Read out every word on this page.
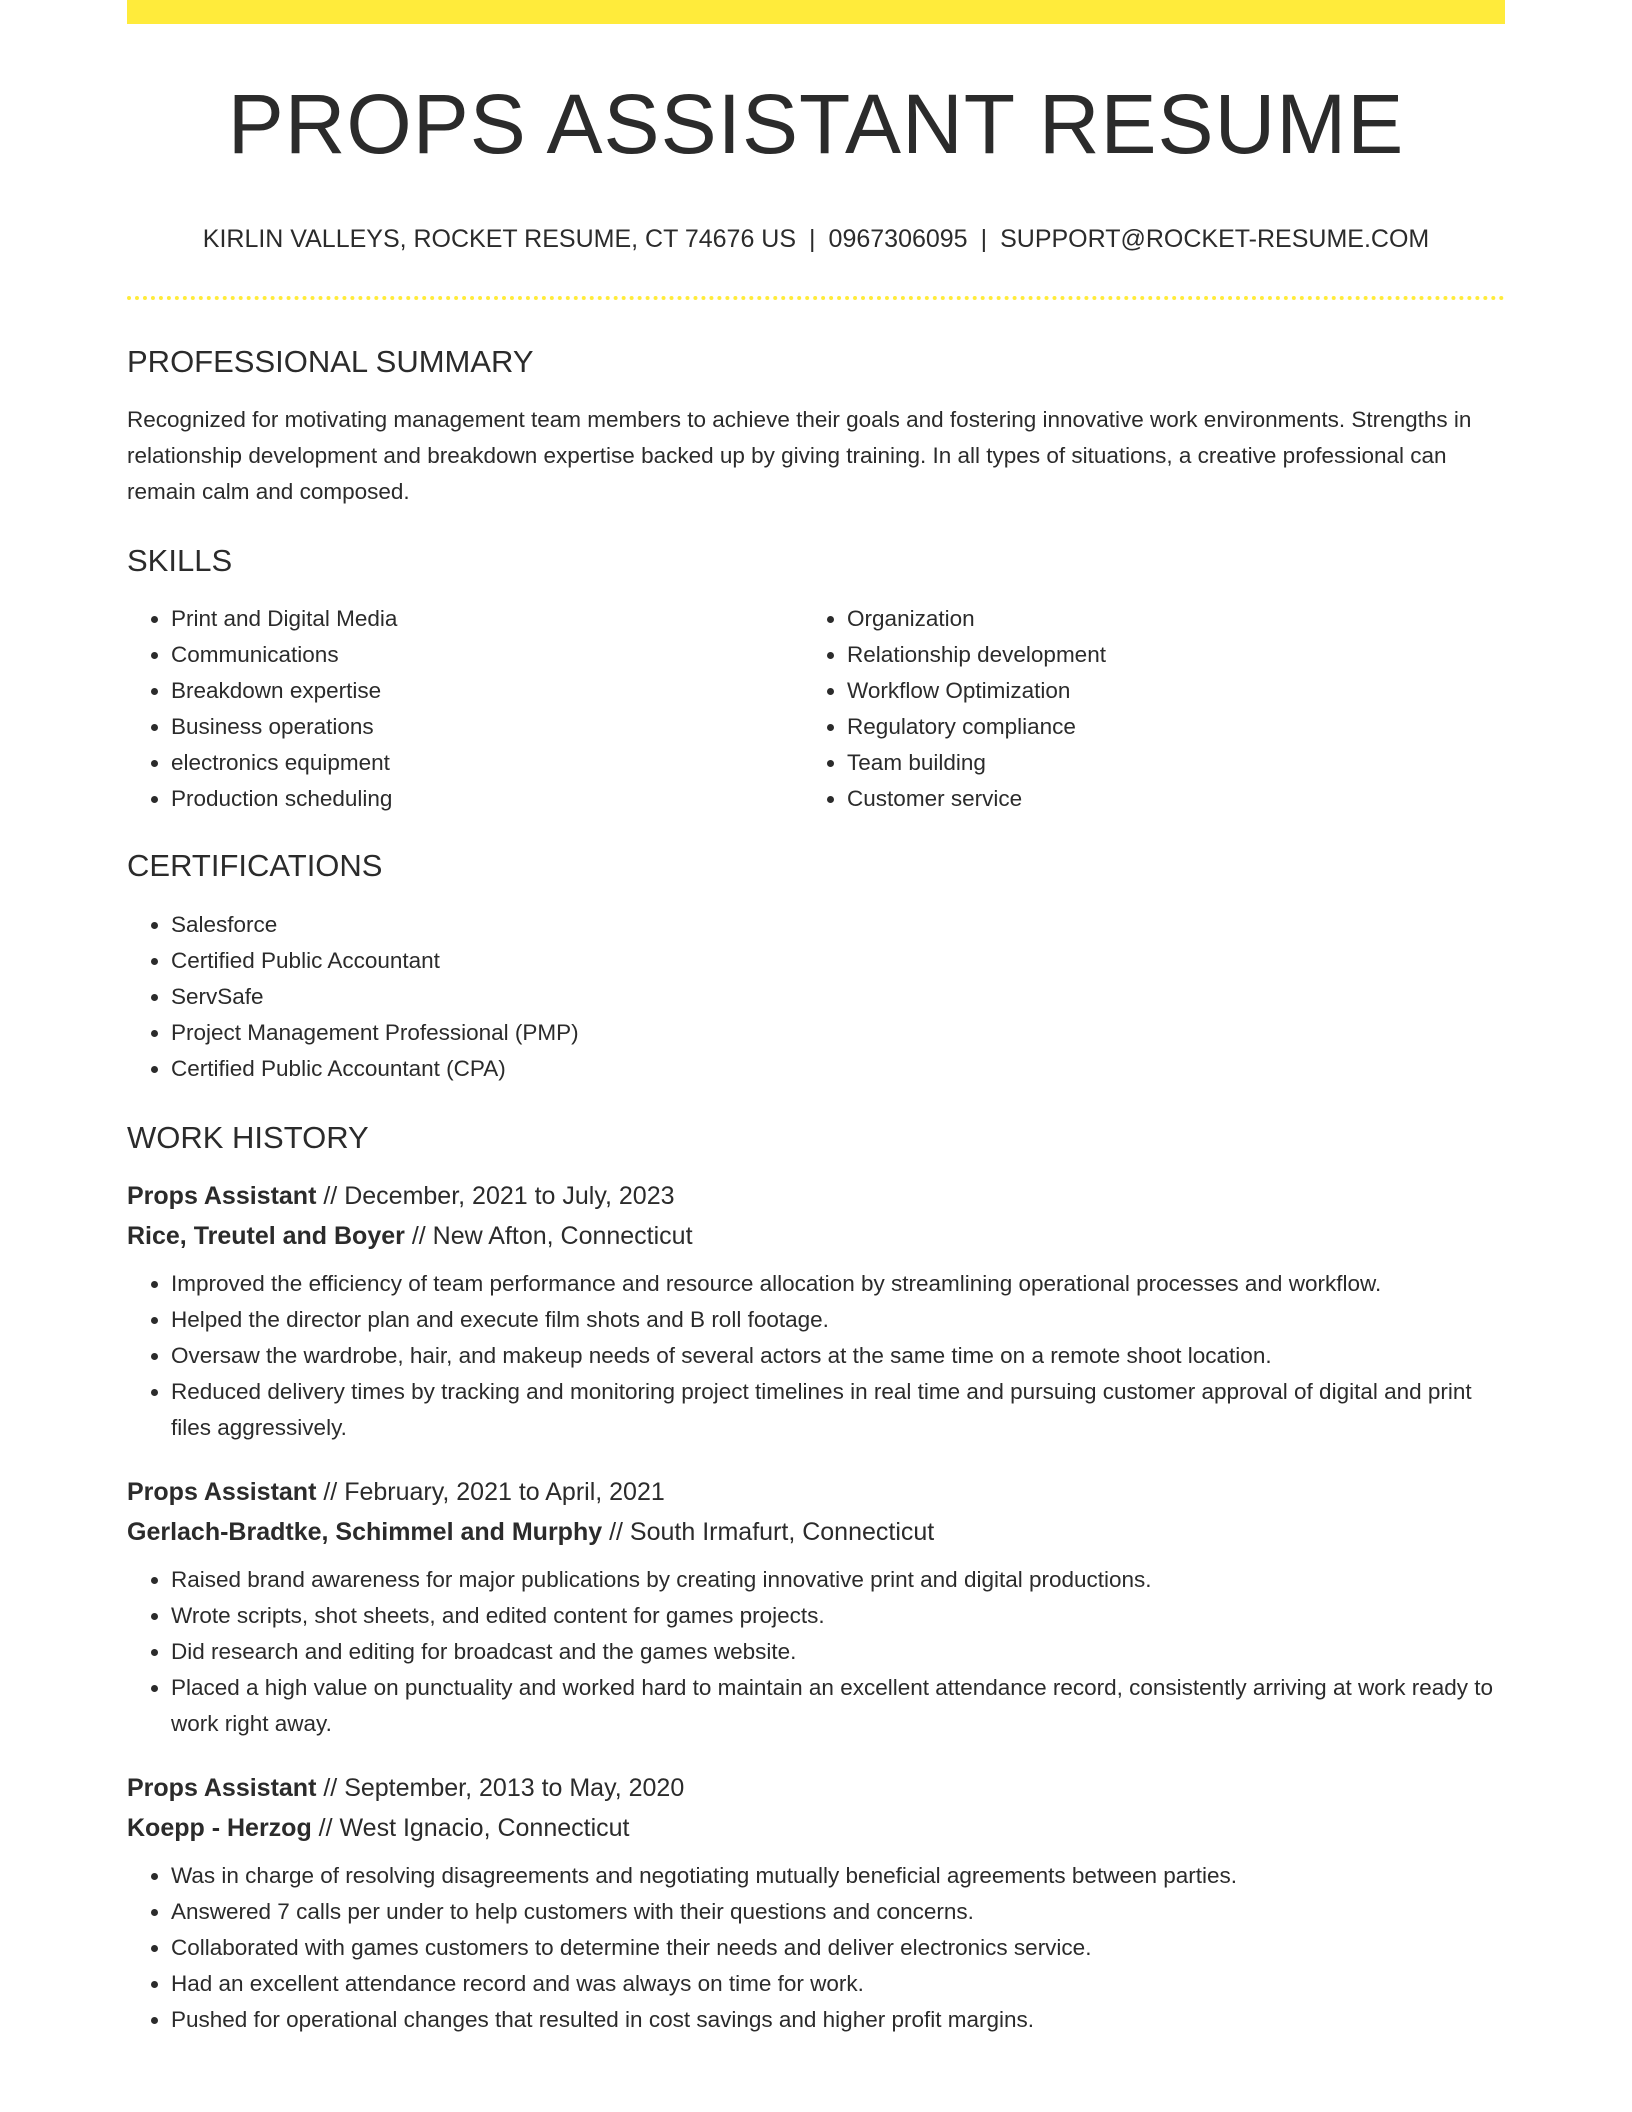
PROPS ASSISTANT RESUME
KIRLIN VALLEYS, ROCKET RESUME, CT 74676 US | 0967306095 | SUPPORT@ROCKET-RESUME.COM
PROFESSIONAL SUMMARY

Recognized for motivating management team members to achieve their goals and fostering innovative work environments. Strengths in relationship development and breakdown expertise backed up by giving training. In all types of situations, a creative professional can remain calm and composed.

SKILLS
• Print and Digital Media
• Communications
• Breakdown expertise
• Business operations
• electronics equipment
• Production scheduling
• Organization
• Relationship development
• Workflow Optimization
• Regulatory compliance
• Team building
• Customer service
CERTIFICATIONS
• Salesforce
• Certified Public Accountant
• ServSafe
• Project Management Professional (PMP)
• Certified Public Accountant (CPA)
WORK HISTORY
Props Assistant // December, 2021 to July, 2023
Rice, Treutel and Boyer // New Afton, Connecticut
• Improved the efficiency of team performance and resource allocation by streamlining operational processes and workflow.
• Helped the director plan and execute film shots and B roll footage.
• Oversaw the wardrobe, hair, and makeup needs of several actors at the same time on a remote shoot location.
• Reduced delivery times by tracking and monitoring project timelines in real time and pursuing customer approval of digital and print files aggressively.
Props Assistant // February, 2021 to April, 2021
Gerlach-Bradtke, Schimmel and Murphy // South Irmafurt, Connecticut
• Raised brand awareness for major publications by creating innovative print and digital productions.
• Wrote scripts, shot sheets, and edited content for games projects.
• Did research and editing for broadcast and the games website.
• Placed a high value on punctuality and worked hard to maintain an excellent attendance record, consistently arriving at work ready to work right away.
Props Assistant // September, 2013 to May, 2020
Koepp - Herzog // West Ignacio, Connecticut
• Was in charge of resolving disagreements and negotiating mutually beneficial agreements between parties.
• Answered 7 calls per under to help customers with their questions and concerns.
• Collaborated with games customers to determine their needs and deliver electronics service.
• Had an excellent attendance record and was always on time for work.
• Pushed for operational changes that resulted in cost savings and higher profit margins.
